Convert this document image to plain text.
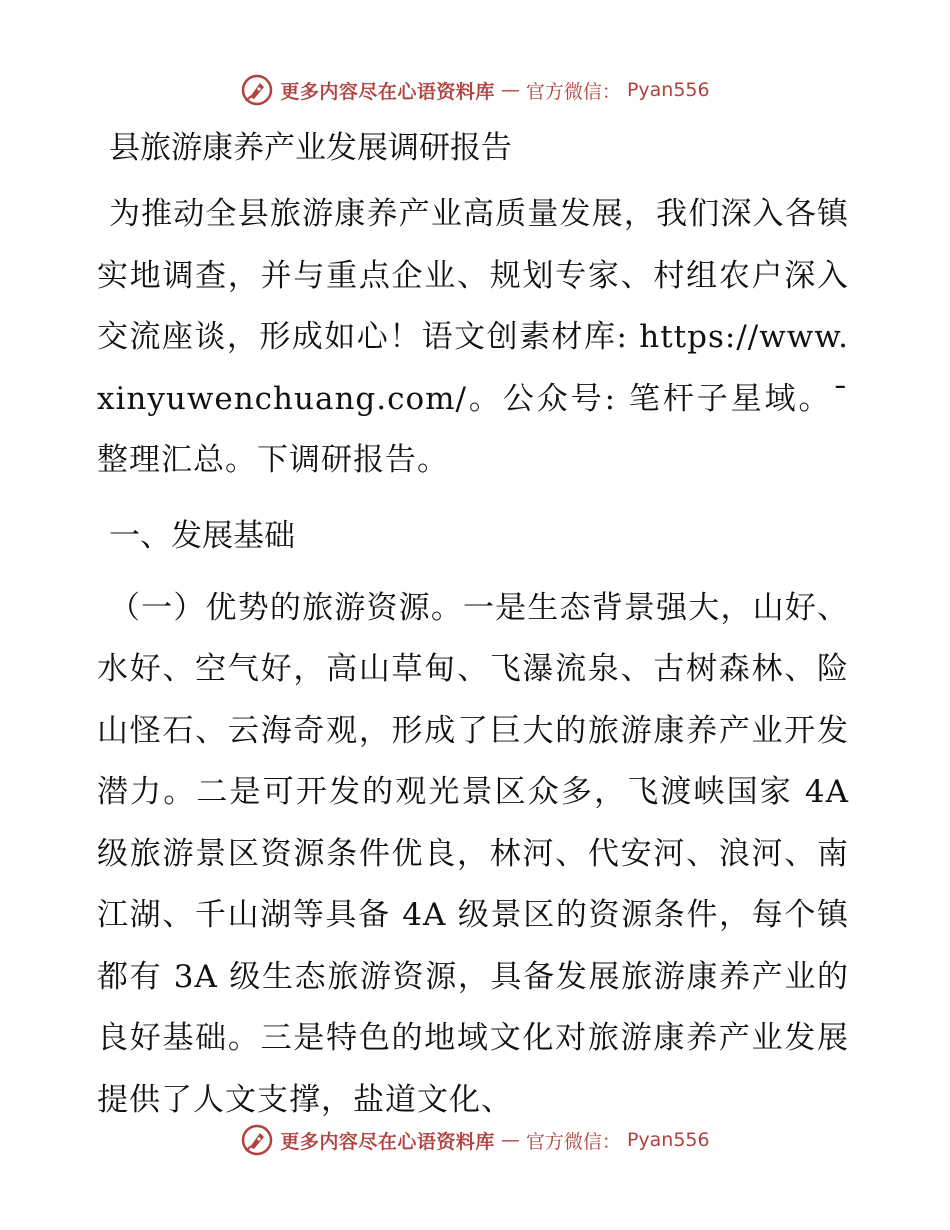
更多内容尽在心语资料库 — 官方微信： Pyan556
县旅游康养产业发展调研报告

为推动全县旅游康养产业高质量发展，我们深入各镇实地调查，并与重点企业、规划专家、村组农户深入交流座谈，形成如心！语文创素材库: https://www.xinyuwenchuang.com/。公众号: 笔杆子星域。¯整理汇总。下调研报告。

一、发展基础

（一）优势的旅游资源。一是生态背景强大，山好、水好、空气好，高山草甸、飞瀑流泉、古树森林、险山怪石、云海奇观，形成了巨大的旅游康养产业开发潜力。二是可开发的观光景区众多，飞渡峡国家 4A 级旅游景区资源条件优良，林河、代安河、浪河、南江湖、千山湖等具备 4A 级景区的资源条件，每个镇都有 3A 级生态旅游资源，具备发展旅游康养产业的良好基础。三是特色的地域文化对旅游康养产业发展提供了人文支撑，盐道文化、

更多内容尽在心语资料库 — 官方微信： Pyan556
